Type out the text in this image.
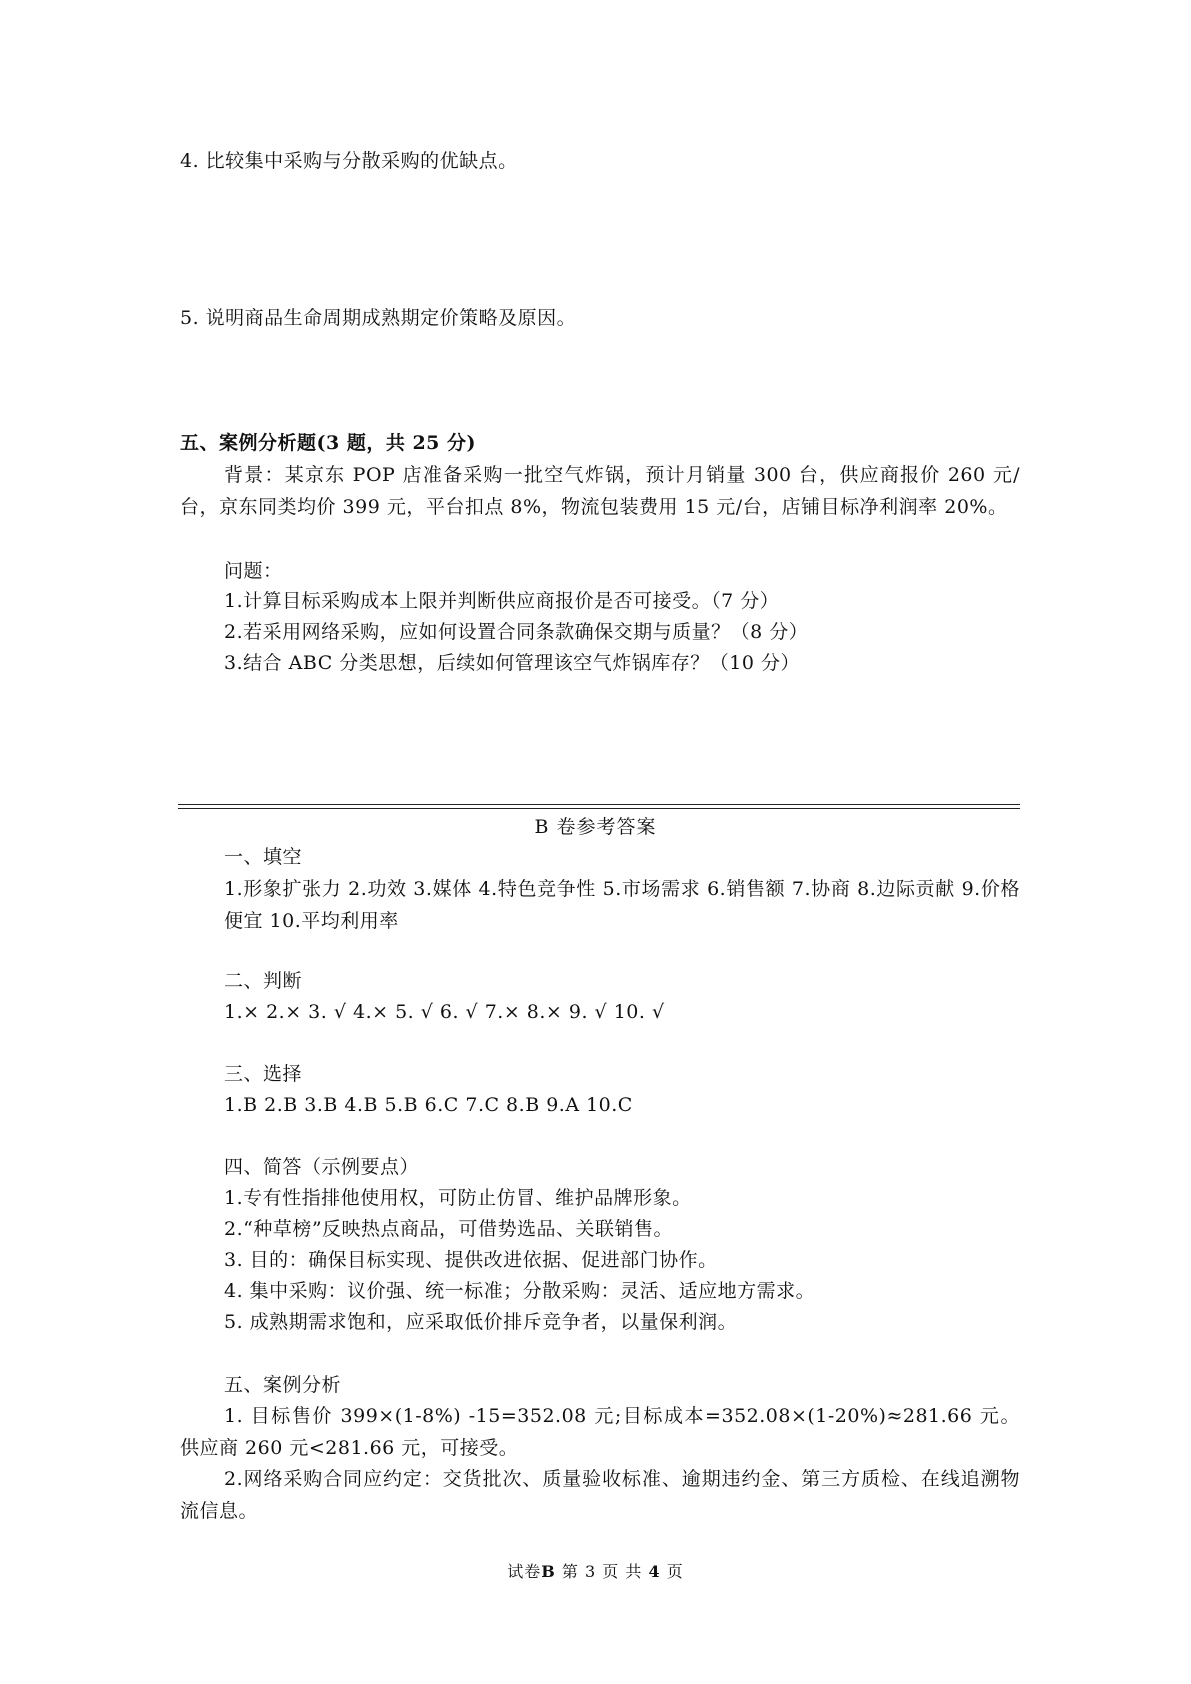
4. 比较集中采购与分散采购的优缺点。
5. 说明商品生命周期成熟期定价策略及原因。
五、案例分析题(3 题，共 25 分)
背景：某京东 POP 店准备采购一批空气炸锅，预计月销量 300 台，供应商报价 260 元/台，京东同类均价 399 元，平台扣点 8%，物流包装费用 15 元/台，店铺目标净利润率 20%。
问题：
1.计算目标采购成本上限并判断供应商报价是否可接受。（7 分）
2.若采用网络采购，应如何设置合同条款确保交期与质量？（8 分）
3.结合 ABC 分类思想，后续如何管理该空气炸锅库存？（10 分）
B 卷参考答案
一、填空
1.形象扩张力 2.功效 3.媒体 4.特色竞争性 5.市场需求 6.销售额 7.协商 8.边际贡献 9.价格便宜 10.平均利用率
二、判断
1.× 2.× 3. √ 4.× 5. √ 6. √ 7.× 8.× 9. √ 10. √
三、选择
1.B 2.B 3.B 4.B 5.B 6.C 7.C 8.B 9.A 10.C
四、简答（示例要点）
1.专有性指排他使用权，可防止仿冒、维护品牌形象。
2.“种草榜”反映热点商品，可借势选品、关联销售。
3. 目的：确保目标实现、提供改进依据、促进部门协作。
4. 集中采购：议价强、统一标准；分散采购：灵活、适应地方需求。
5. 成熟期需求饱和，应采取低价排斥竞争者，以量保利润。
五、案例分析
1. 目标售价 399×(1-8%) -15=352.08 元;目标成本=352.08×(1-20%)≈281.66 元。供应商 260 元<281.66 元，可接受。
2.网络采购合同应约定：交货批次、质量验收标准、逾期违约金、第三方质检、在线追溯物流信息。
试卷B 第 3 页 共 4 页
